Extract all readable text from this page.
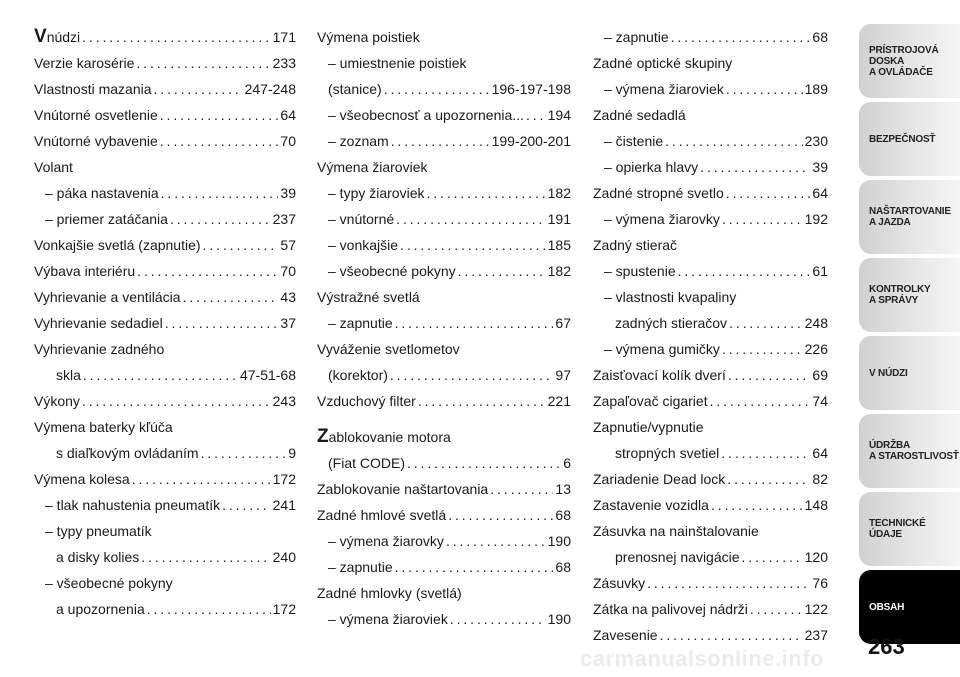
Vnúdzi . . .	171
Verzie karosérie . . .	233
Vlastnosti mazania . . .	247-248
Vnútorné osvetlenie . . .	64
Vnútorné vybavenie . . .	70
Volant
– páka nastavenia . . .	39
– priemer zatáčania . . .	237
Vonkajšie svetlá (zapnutie) . . .	57
Výbava interiéru . . .	70
Vyhrievanie a ventilácia . . .	43
Vyhrievanie sedadiel . . .	37
Vyhrievanie zadného
skla . . .	47-51-68
Výkony . . .	243
Výmena baterky kľúča
s diaľkovým ovládaním . . .	9
Výmena kolesa . . .	172
– tlak nahustenia pneumatík . . .	241
– typy pneumatík
a disky kolies . . .	240
– všeobecné pokyny
a upozornenia . . .	172
Výmena poistiek
– umiestnenie poistiek
(stanice) . . .	196-197-198
– všeobecnosť a upozornenia... . . . 194
– zoznam . . .	199-200-201
Výmena žiaroviek
– typy žiaroviek . . .	182
– vnútorné . . .	191
– vonkajšie . . .	185
– všeobecné pokyny . . .	182
Výstražné svetlá
– zapnutie . . .	67
Vyváženie svetlometov
(korektor) . . .	97
Vzduchový filter . . .	221
Zablokovanie motora
(Fiat CODE) . . .	6
Zablokovanie naštartovania . . .	13
Zadné hmlové svetlá . . .	68
– výmena žiarovky . . .	190
– zapnutie . . .	68
Zadné hmlovky (svetlá)
– výmena žiaroviek . . .	190
– zapnutie . . .	68
Zadné optické skupiny
– výmena žiaroviek . . .	189
Zadné sedadlá
– čistenie . . .	230
– opierka hlavy . . .	39
Zadné stropné svetlo . . .	64
– výmena žiarovky . . .	192
Zadný stierač
– spustenie . . .	61
– vlastnosti kvapaliny
zadných stieračov . . .	248
– výmena gumičky . . .	226
Zaisťovací kolík dverí . . .	69
Zapaľovač cigariet . . .	74
Zapnutie/vypnutie
stropných svetiel . . .	64
Zariadenie Dead lock . . .	82
Zastavenie vozidla . . .	148
Zásuvka na nainštalovanie
prenosnej navigácie . . .	120
Zásuvky . . .	76
Zátka na palivovej nádrži . . .	122
Zavesenie . . .	237
PRÍSTROJOVÁ
DOSKA
A OVLÁDAČE
BEZPEČNOSŤ
NAŠTARTOVANIE
A JAZDA
KONTROLKY
A SPRÁVY
V NÚDZI
ÚDRŽBA
A STAROSTLIVOSŤ
TECHNICKÉ ÚDAJE
OBSAH
263
carmanualsonline.info
